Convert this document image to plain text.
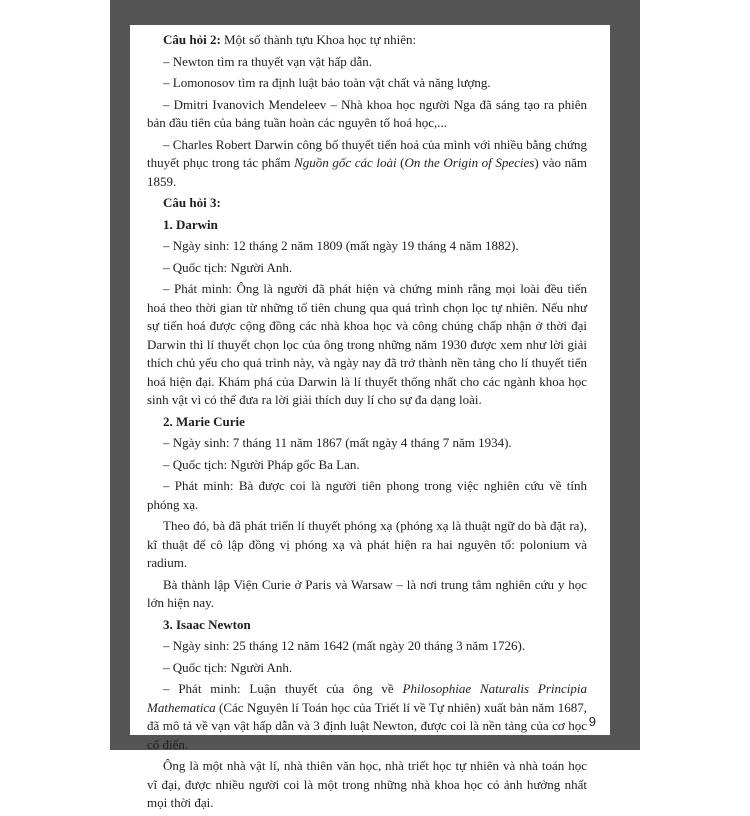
Câu hỏi 2: Một số thành tựu Khoa học tự nhiên:

– Newton tìm ra thuyết vạn vật hấp dẫn.

– Lomonosov tìm ra định luật bảo toàn vật chất và năng lượng.

– Dmitri Ivanovich Mendeleev – Nhà khoa học người Nga đã sáng tạo ra phiên bản đầu tiên của bảng tuần hoàn các nguyên tố hoá học,...

– Charles Robert Darwin công bố thuyết tiến hoá của mình với nhiều bằng chứng thuyết phục trong tác phẩm Nguồn gốc các loài (On the Origin of Species) vào năm 1859.

Câu hỏi 3:

1. Darwin

– Ngày sinh: 12 tháng 2 năm 1809 (mất ngày 19 tháng 4 năm 1882).

– Quốc tịch: Người Anh.

– Phát minh: Ông là người đã phát hiện và chứng minh rằng mọi loài đều tiến hoá theo thời gian từ những tổ tiên chung qua quá trình chọn lọc tự nhiên. Nếu như sự tiến hoá được cộng đồng các nhà khoa học và công chúng chấp nhận ở thời đại Darwin thì lí thuyết chọn lọc của ông trong những năm 1930 được xem như lời giải thích chủ yếu cho quá trình này, và ngày nay đã trở thành nền tảng cho lí thuyết tiến hoá hiện đại. Khám phá của Darwin là lí thuyết thống nhất cho các ngành khoa học sinh vật vì có thể đưa ra lời giải thích duy lí cho sự đa dạng loài.

2. Marie Curie

– Ngày sinh: 7 tháng 11 năm 1867 (mất ngày 4 tháng 7 năm 1934).

– Quốc tịch: Người Pháp gốc Ba Lan.

– Phát minh: Bà được coi là người tiên phong trong việc nghiên cứu về tính phóng xạ.

Theo đó, bà đã phát triển lí thuyết phóng xạ (phóng xạ là thuật ngữ do bà đặt ra), kĩ thuật để cô lập đồng vị phóng xạ và phát hiện ra hai nguyên tố: polonium và radium.

Bà thành lập Viện Curie ở Paris và Warsaw – là nơi trung tâm nghiên cứu y học lớn hiện nay.

3. Isaac Newton

– Ngày sinh: 25 tháng 12 năm 1642 (mất ngày 20 tháng 3 năm 1726).

– Quốc tịch: Người Anh.

– Phát minh: Luận thuyết của ông về Philosophiae Naturalis Principia Mathematica (Các Nguyên lí Toán học của Triết lí về Tự nhiên) xuất bản năm 1687, đã mô tả về vạn vật hấp dẫn và 3 định luật Newton, được coi là nền tảng của cơ học cổ điển.

Ông là một nhà vật lí, nhà thiên văn học, nhà triết học tự nhiên và nhà toán học vĩ đại, được nhiều người coi là một trong những nhà khoa học có ảnh hưởng nhất mọi thời đại.

9
